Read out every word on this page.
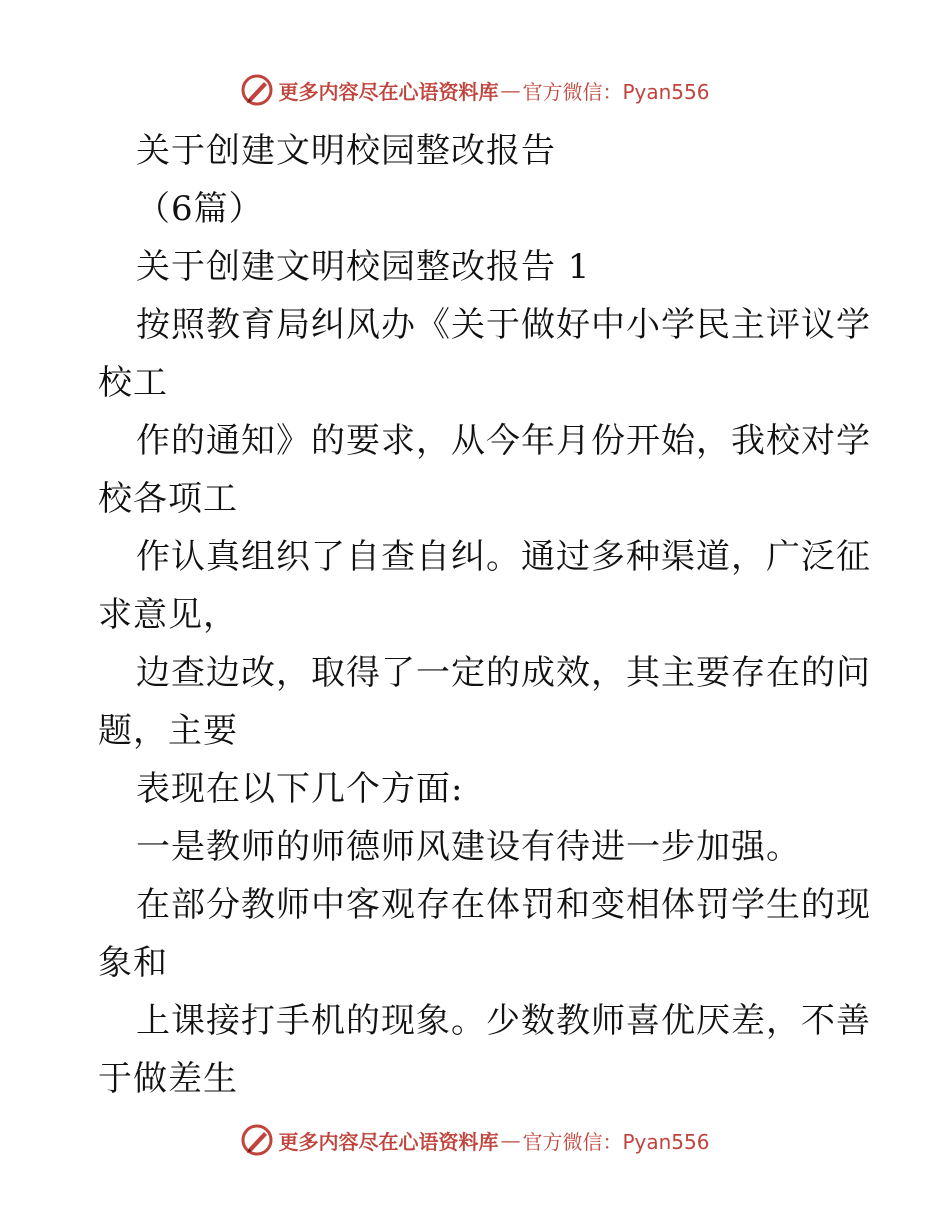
更多内容尽在心语资料库 — 官方微信：Pyan556
关于创建文明校园整改报告
（6篇）
关于创建文明校园整改报告 1
按照教育局纠风办《关于做好中小学民主评议学
校工
作的通知》的要求，从今年月份开始，我校对学
校各项工
作认真组织了自查自纠。通过多种渠道，广泛征
求意见，
边查边改，取得了一定的成效，其主要存在的问
题，主要
表现在以下几个方面:
一是教师的师德师风建设有待进一步加强。
在部分教师中客观存在体罚和变相体罚学生的现
象和
上课接打手机的现象。少数教师喜优厌差，不善
于做差生
更多内容尽在心语资料库 — 官方微信：Pyan556
